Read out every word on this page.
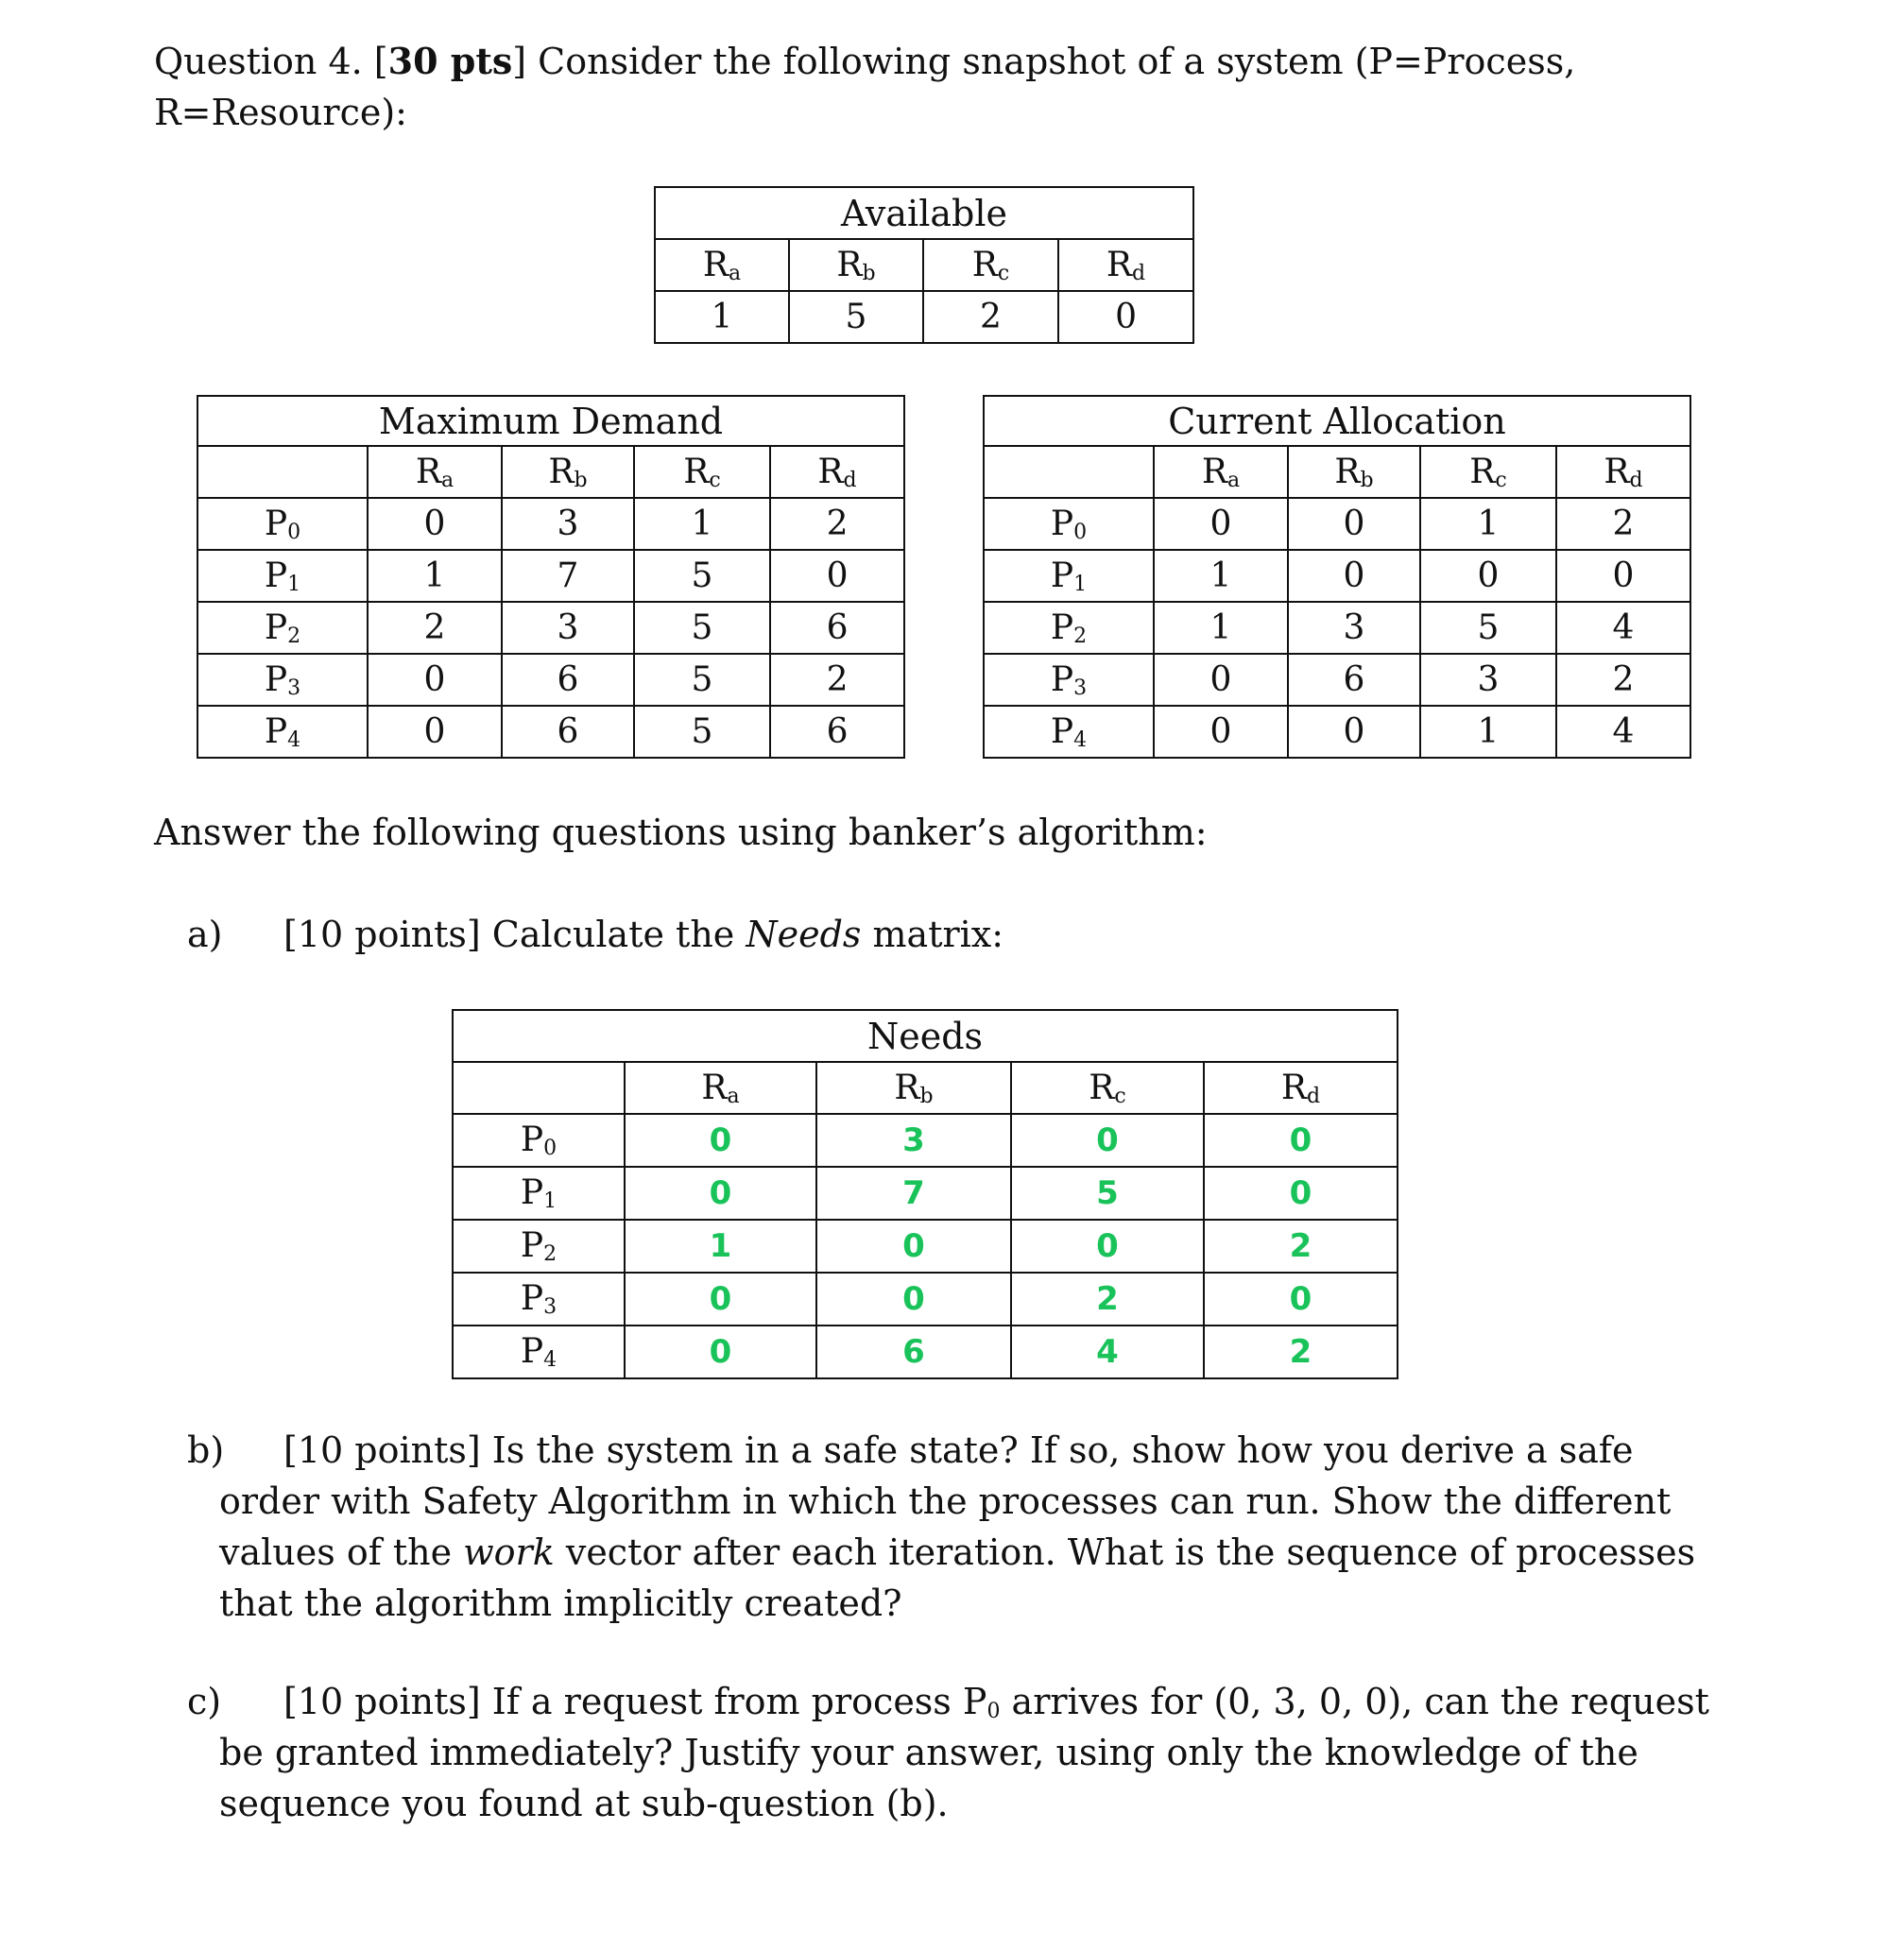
Question 4. [30 pts] Consider the following snapshot of a system (P=Process,
R=Resource):
Available			
$R_a$	$R_b$	$R_c$	$R_d$
1	5	2	0
Maximum Demand				
	$R_a$	$R_b$	$R_c$	$R_d$
$P_0$	0	3	1	2
$P_1$	1	7	5	0
$P_2$	2	3	5	6
$P_3$	0	6	5	2
$P_4$	0	6	5	6
Current Allocation				
	$R_a$	$R_b$	$R_c$	$R_d$
$P_0$	0	0	1	2
$P_1$	1	0	0	0
$P_2$	1	3	5	4
$P_3$	0	6	3	2
$P_4$	0	0	1	4
Answer the following questions using banker’s algorithm:
a) [10 points] Calculate the Needs matrix:
Needs				
	$R_a$	$R_b$	$R_c$	$R_d$
$P_0$	0	3	0	0
$P_1$	0	7	5	0
$P_2$	1	0	0	2
$P_3$	0	0	2	0
$P_4$	0	6	4	2
b) [10 points] Is the system in a safe state? If so, show how you derive a safe
order with Safety Algorithm in which the processes can run. Show the different
values of the work vector after each iteration. What is the sequence of processes
that the algorithm implicitly created?
c) [10 points] If a request from process $P_0$ arrives for (0, 3, 0, 0), can the request
be granted immediately? Justify your answer, using only the knowledge of the
sequence you found at sub-question (b).
